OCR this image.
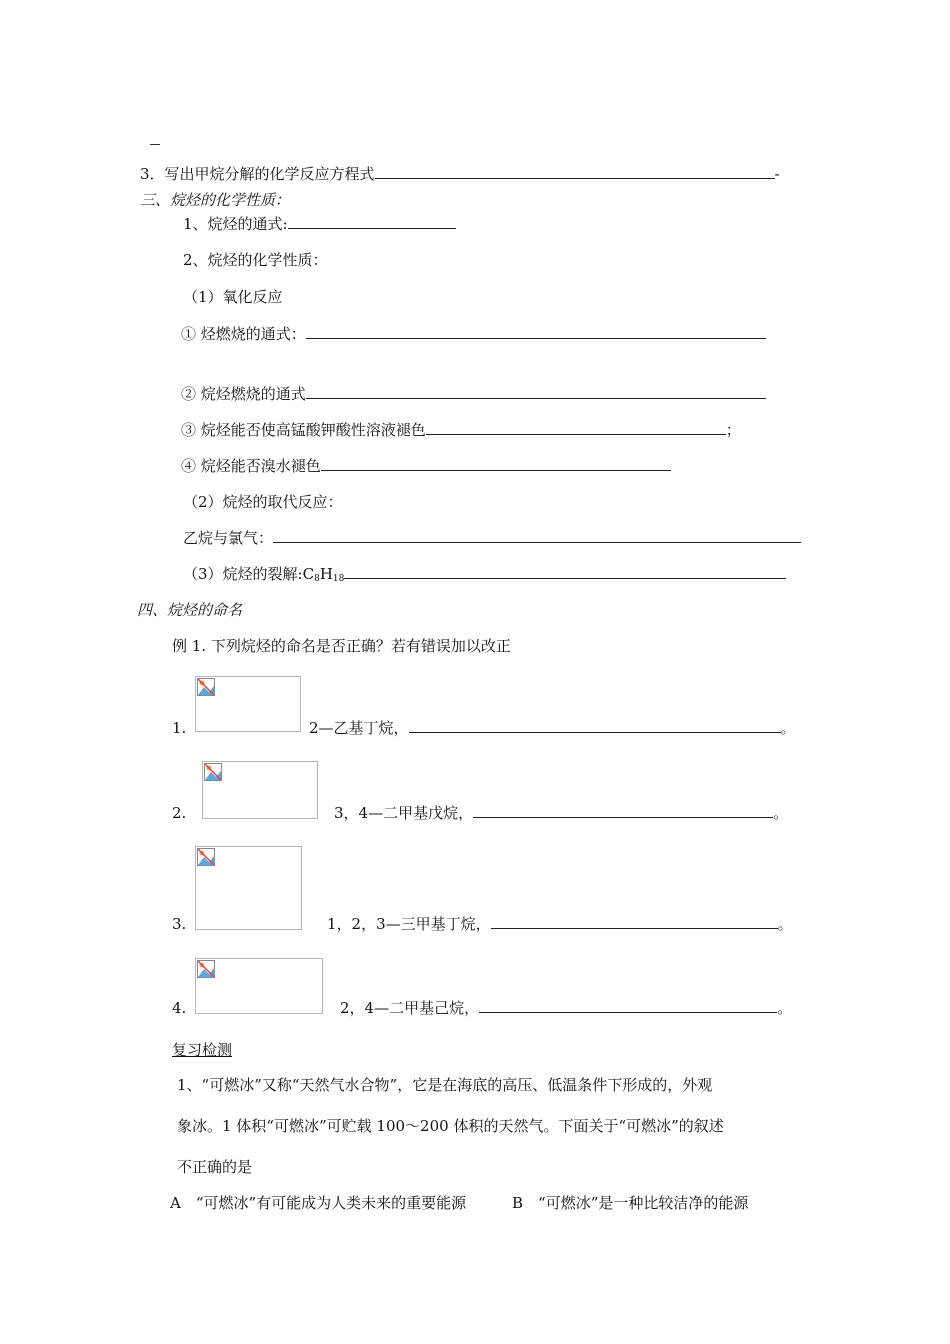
3．写出甲烷分解的化学反应方程式	-
三、烷烃的化学性质：
1、烷烃的通式:
2、烷烃的化学性质：
（1）氧化反应
① 烃燃烧的通式：
② 烷烃燃烧的通式
③ 烷烃能否使高锰酸钾酸性溶液褪色	；
④ 烷烃能否溴水褪色
（2）烷烃的取代反应：
乙烷与氯气：
（3）烷烃的裂解$:C_8H_{18}$
四、烷烃的命名
例 1. 下列烷烃的命名是否正确？若有错误加以改正
1.	2—乙基丁烷，	。
2.	3，4—二甲基戊烷，	。
3.	1，2，3—三甲基丁烷，	。
4.	2，4—二甲基己烷，	。
复习检测
1、“可燃冰”又称“天然气水合物”，它是在海底的高压、低温条件下形成的，外观
象冰。1 体积“可燃冰”可贮载 100～200 体积的天然气。下面关于“可燃冰”的叙述
不正确的是
A　“可燃冰”有可能成为人类未来的重要能源	B　“可燃冰”是一种比较洁净的能源
